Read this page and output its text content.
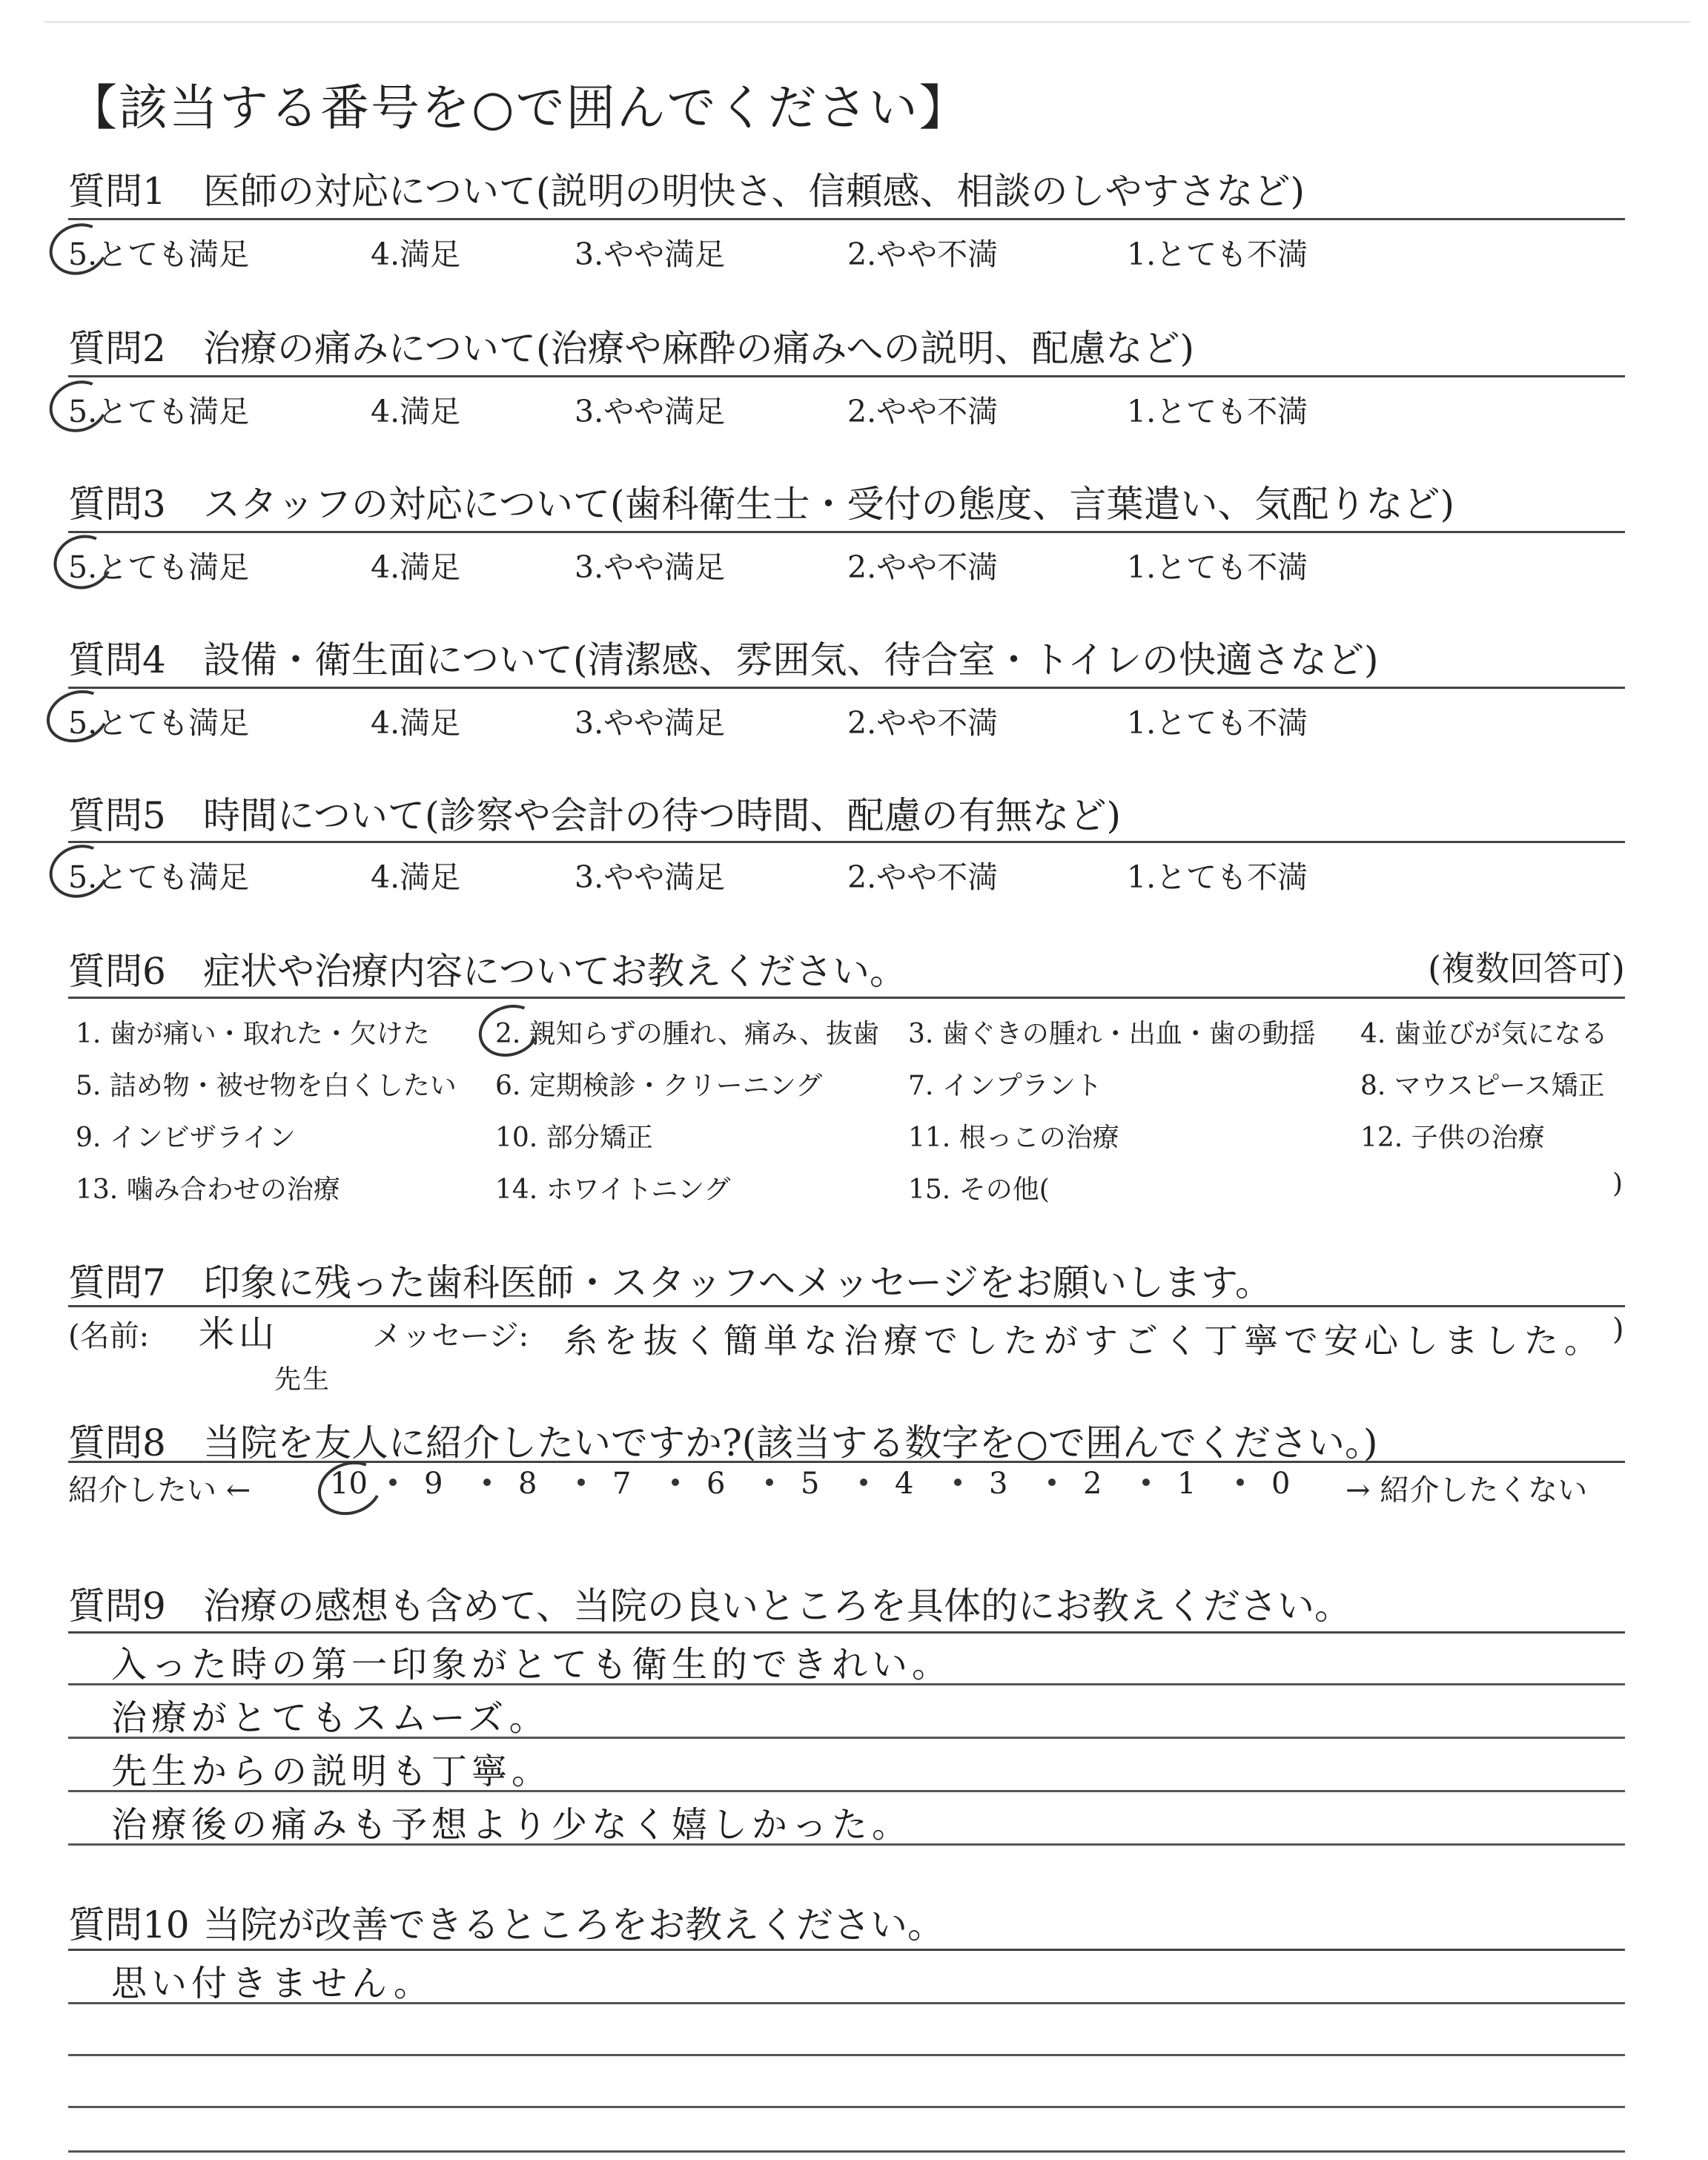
【該当する番号を○で囲んでください】
質問1 医師の対応について(説明の明快さ、信頼感、相談のしやすさなど)
5.とても満足	4.満足	3.やや満足	2.やや不満	1.とても不満
質問2 治療の痛みについて(治療や麻酔の痛みへの説明、配慮など)
5.とても満足	4.満足	3.やや満足	2.やや不満	1.とても不満
質問3 スタッフの対応について(歯科衛生士・受付の態度、言葉遣い、気配りなど)
5.とても満足	4.満足	3.やや満足	2.やや不満	1.とても不満
質問4 設備・衛生面について(清潔感、雰囲気、待合室・トイレの快適さなど)
5.とても満足	4.満足	3.やや満足	2.やや不満	1.とても不満
質問5 時間について(診察や会計の待つ時間、配慮の有無など)
5.とても満足	4.満足	3.やや満足	2.やや不満	1.とても不満
質問6 症状や治療内容についてお教えください。	(複数回答可)
1. 歯が痛い・取れた・欠けた 2. 親知らずの腫れ、痛み、抜歯 3. 歯ぐきの腫れ・出血・歯の動揺 4. 歯並びが気になる
5. 詰め物・被せ物を白くしたい 6. 定期検診・クリーニング	7. インプラント	8. マウスピース矯正
9. インビザライン	10. 部分矯正	11. 根っこの治療	12. 子供の治療
13. 噛み合わせの治療	14. ホワイトニング	15. その他(	)
質問7 印象に残った歯科医師・スタッフへメッセージをお願いします。
(名前: 米山
先生
メッセージ: 糸を抜く簡単な治療でしたがすごく丁寧で安心しました。 )
質問8 当院を友人に紹介したいですか?(該当する数字を○で囲んでください。)
紹介したい ←	→ 紹介したくない
10 9	8	7	6	5	4	3	2	1	0
質問9 治療の感想も含めて、当院の良いところを具体的にお教えください。
入った時の第一印象がとても衛生的できれい。
治療がとてもスムーズ。
先生からの説明も丁寧。
治療後の痛みも予想より少なく嬉しかった。
質問10 当院が改善できるところをお教えください。
思い付きません。
